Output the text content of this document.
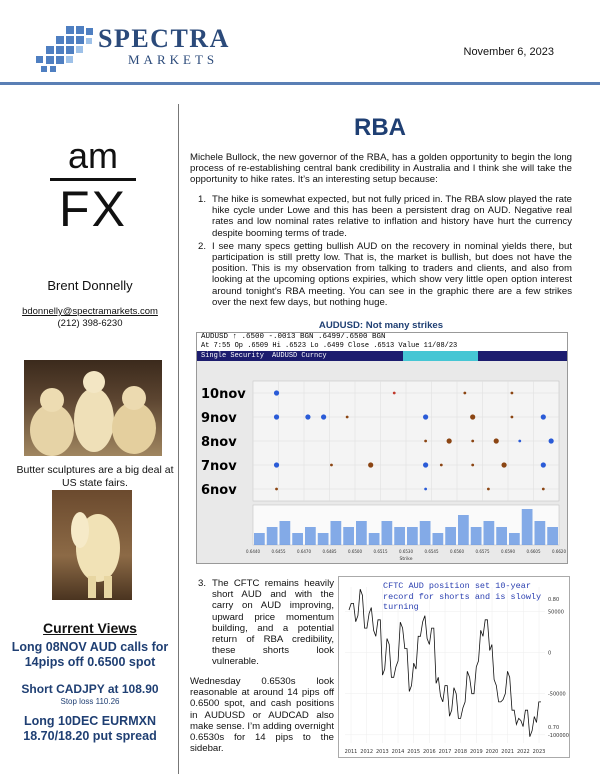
SPECTRA
MARKETS	November 6, 2023
am
FX
Brent Donnelly
bdonnelly@spectramarkets.com
(212) 398-6230
Butter sculptures are a big deal at US state fairs.
Current Views
Long 08NOV AUD calls for 14pips off 0.6500 spot
Short CADJPY at 108.90
Stop loss 110.26
Long 10DEC EURMXN 18.70/18.20 put spread
RBA
Michele Bullock, the new governor of the RBA, has a golden opportunity to begin the long process of re-establishing central bank credibility in Australia and I think she will take the opportunity to hike rates. It’s an interesting setup because:
1. The hike is somewhat expected, but not fully priced in. The RBA slow played the rate hike cycle under Lowe and this has been a persistent drag on AUD. Negative real rates and low nominal rates relative to inflation and history have hurt the currency despite booming terms of trade.
2. I see many specs getting bullish AUD on the recovery in nominal yields there, but participation is still pretty low. That is, the market is bullish, but does not have the position. This is my observation from talking to traders and clients, and also from looking at the upcoming options expiries, which show very little open option interest around tonight’s RBA meeting. You can see in the graphic there are a few strikes over the next few days, but nothing huge.
AUDUSD: Not many strikes
AUDUSD ↑ .6500 -.0013 BGN .6499/.6500 BGN
At 7:55 Op .6509 Hi .6523 Lo .6499 Close .6513 Value 11/08/23
Single Security	AUDUSD Curncy

10nov
9nov
8nov
7nov
6nov
0.6440	0.6455	0.6470	0.6485	0.6500	0.6515	0.6530	0.6545	0.6560	0.6575	0.6590	0.6605	0.6620
Strike
3. The CFTC remains heavily short AUD and with the carry on AUD improving, upward price momentum building, and a potential return of RBA credibility, these shorts look vulnerable.
Wednesday 0.6530s look reasonable at around 14 pips off 0.6500 spot, and cash positions in AUDUSD or AUDCAD also make sense. I’m adding overnight 0.6530s for 14 pips to the sidebar.	2011 2012 2013 2014 2015 2016 2017 2018 2019 2020 2021 2022 2023
50000
0
-50000
-100000
0.80
0.70
CFTC AUD position set 10-year record for shorts and is slowly turning
